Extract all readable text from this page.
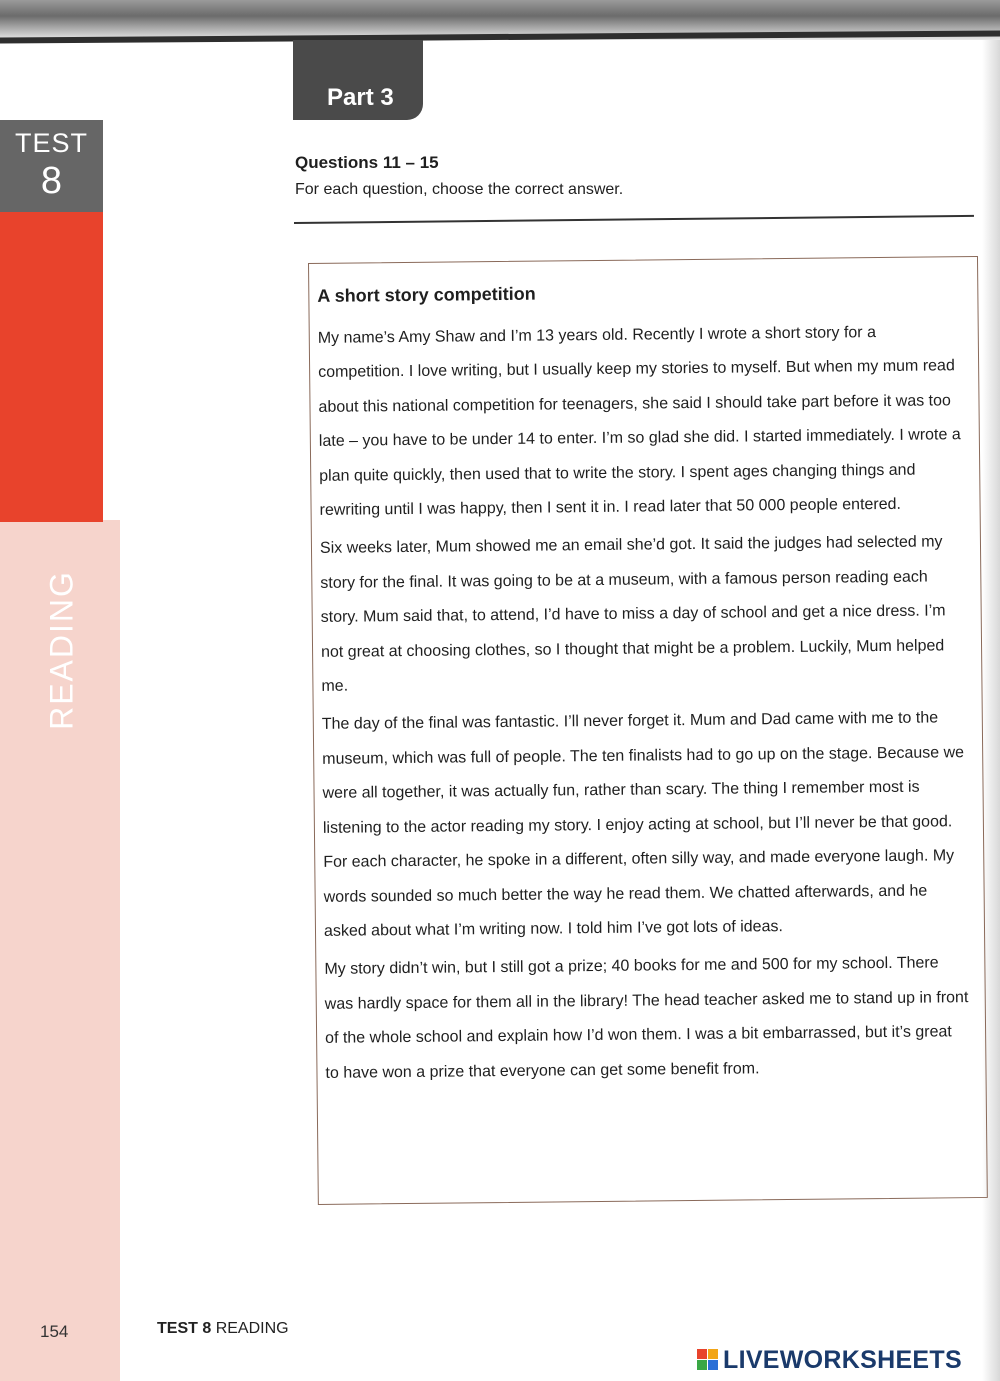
READING
TEST
8
Part 3
Questions 11 – 15
For each question, choose the correct answer.
A short story competition

My name’s Amy Shaw and I’m 13 years old. Recently I wrote a short story for a competition. I love writing, but I usually keep my stories to myself. But when my mum read about this national competition for teenagers, she said I should take part before it was too late – you have to be under 14 to enter. I’m so glad she did. I started immediately. I wrote a plan quite quickly, then used that to write the story. I spent ages changing things and rewriting until I was happy, then I sent it in. I read later that 50 000 people entered.

Six weeks later, Mum showed me an email she’d got. It said the judges had selected my story for the final. It was going to be at a museum, with a famous person reading each story. Mum said that, to attend, I’d have to miss a day of school and get a nice dress. I’m not great at choosing clothes, so I thought that might be a problem. Luckily, Mum helped me.

The day of the final was fantastic. I’ll never forget it. Mum and Dad came with me to the museum, which was full of people. The ten finalists had to go up on the stage. Because we were all together, it was actually fun, rather than scary. The thing I remember most is listening to the actor reading my story. I enjoy acting at school, but I’ll never be that good. For each character, he spoke in a different, often silly way, and made everyone laugh. My words sounded so much better the way he read them. We chatted afterwards, and he asked about what I’m writing now. I told him I’ve got lots of ideas.

My story didn’t win, but I still got a prize; 40 books for me and 500 for my school. There was hardly space for them all in the library! The head teacher asked me to stand up in front of the whole school and explain how I’d won them. I was a bit embarrassed, but it’s great to have won a prize that everyone can get some benefit from.

154	TEST 8 READING
LIVEWORKSHEETS
